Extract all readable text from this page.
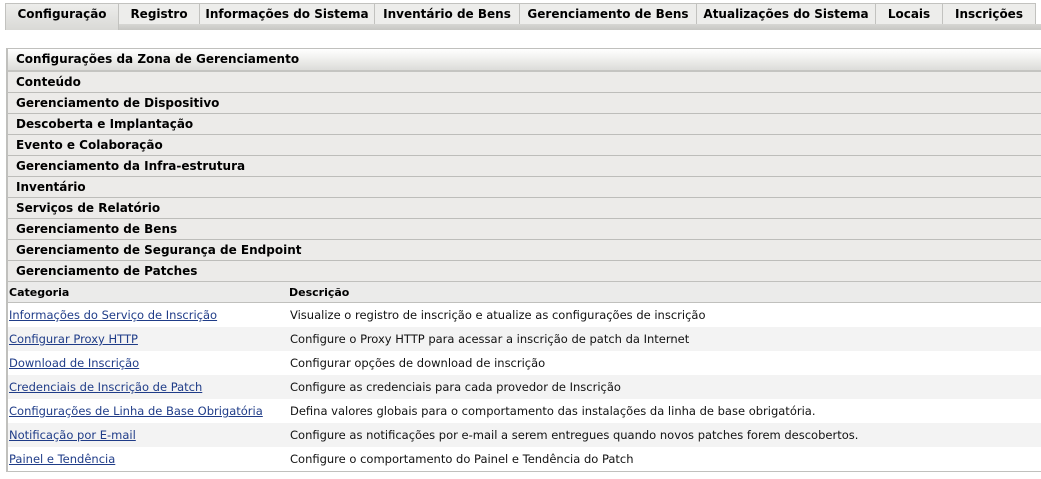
Configuração	Registro	Informações do Sistema	Inventário de Bens	Gerenciamento de Bens	Atualizações do Sistema	Locais	Inscrições
Configurações da Zona de Gerenciamento
Conteúdo
Gerenciamento de Dispositivo
Descoberta e Implantação
Evento e Colaboração
Gerenciamento da Infra-estrutura
Inventário
Serviços de Relatório
Gerenciamento de Bens
Gerenciamento de Segurança de Endpoint
Gerenciamento de Patches
Categoria	Descrição
Informações do Serviço de Inscrição	Visualize o registro de inscrição e atualize as configurações de inscrição
Configurar Proxy HTTP	Configure o Proxy HTTP para acessar a inscrição de patch da Internet
Download de Inscrição	Configurar opções de download de inscrição
Credenciais de Inscrição de Patch	Configure as credenciais para cada provedor de Inscrição
Configurações de Linha de Base Obrigatória	Defina valores globais para o comportamento das instalações da linha de base obrigatória.
Notificação por E-mail	Configure as notificações por e-mail a serem entregues quando novos patches forem descobertos.
Painel e Tendência	Configure o comportamento do Painel e Tendência do Patch
